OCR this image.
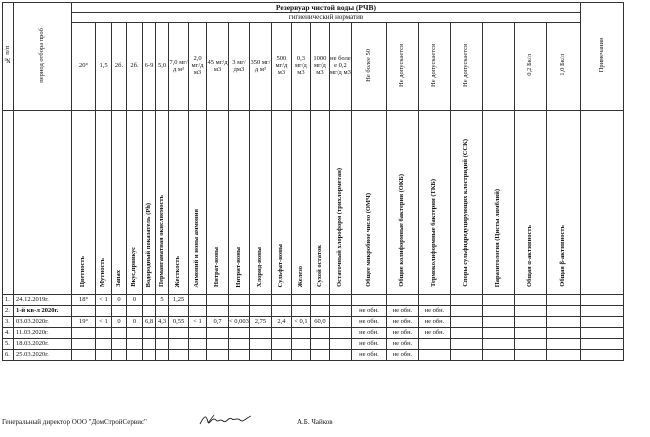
№ п/п	период отбора проб	Резервуар чистой воды (РЧВ)																						Примечания
		гигиенический норматив																						
		20°	1,5	2б.	2б.	6-9	5,0	7,0 мг/д м³	2,0 мг/д м3	45 мг/д м3	3 мг/дм3	350 мг/д м³	500 мг/д м3	0,3 мг/д м3	1000 мг/д м3	не боле е 0,2 мг/д м3	Не более 50	Не допускается	Не допускается	Не допускается		0,2 Бк/л	1,0 Бк/л	
		Цветность	Мутность	Запах	Вкус,привкус	Водородный показатель (Ph)	Перманганатная окисляемость	Жесткость	Аммоний и ионы аммония	Нитрат-ионы	Нитрит-ионы	Хлорид-ионы	Сульфат-ионы	Железо	Сухой остаток	Остаточный хлороформ (трихлорметан)	Общее микробное число (ОМЧ)	Общие колиформные бактерии (ОКБ)	Термоколиформные бактерии (ТКБ)	Споры сульфидредуцирующих клостридий (ССК)	Паразитология (Цисты лямблий)	Общая α-активность	Общая β-активность	
1.	24.12.2019г.	18°	< 1	0	0		5	1,25																
2.	1-й кв-л 2020г.																не обн.	не обн.	не обн.					
3.	03.03.2020г.	19°	< 1	0	0	6,8	4,3	0,55	< 1	0,7	< 0,003	2,75	2,4	< 0,1	60,0		не обн.	не обн.	не обн.					
4.	11.03.2020г.																не обн.	не обн.	не обн.					
5.	18.03.2020г.																не обн.	не обн.						
6.	25.03.2020г.																не обн.	не обн.						
Генеральный директор ООО "ДомСтройСервис"	А.Б. Чайков
